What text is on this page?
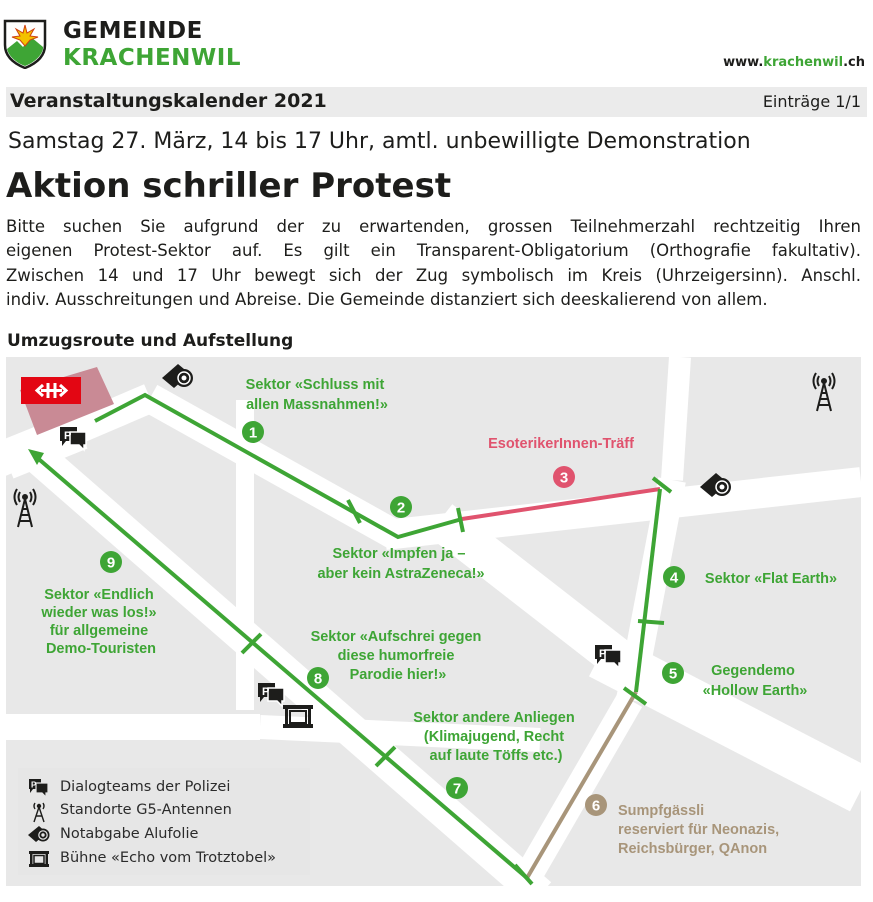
GEMEINDE
KRACHENWIL	www.krachenwil.ch
Veranstaltungskalender 2021	Einträge 1/1
Samstag 27. März, 14 bis 17 Uhr, amtl. unbewilligte Demonstration
Aktion schriller Protest
Bitte suchen Sie aufgrund der zu erwartenden, grossen Teilnehmerzahl rechtzeitig Ihren
eigenen Protest-Sektor auf. Es gilt ein Transparent-Obligatorium (Orthografie fakultativ).
Zwischen 14 und 17 Uhr bewegt sich der Zug symbolisch im Kreis (Uhrzeigersinn). Anschl.
indiv. Ausschreitungen und Abreise. Die Gemeinde distanziert sich deeskalierend von allem.
Umzugsroute und Aufstellung
1
2
3
4
5
6
7
8
9
Sektor «Schluss mit allen Massnahmen!»
Sektor «Impfen ja – aber kein AstraZeneca!»
EsoterikerInnen-Träff
Sektor «Flat Earth»
Gegendemo «Hollow Earth»
Sumpfgässli reserviert für Neonazis, Reichsbürger, QAnon
Sektor andere Anliegen (Klimajugend, Recht auf laute Töffs etc.)
Sektor «Aufschrei gegen diese humorfreie Parodie hier!»
Sektor «Endlich wieder was los!» für allgemeine Demo-Touristen
P
P
P
P Dialogteams der Polizei
Standorte G5-Antennen
Notabgabe Alufolie
Bühne «Echo vom Trotztobel»
